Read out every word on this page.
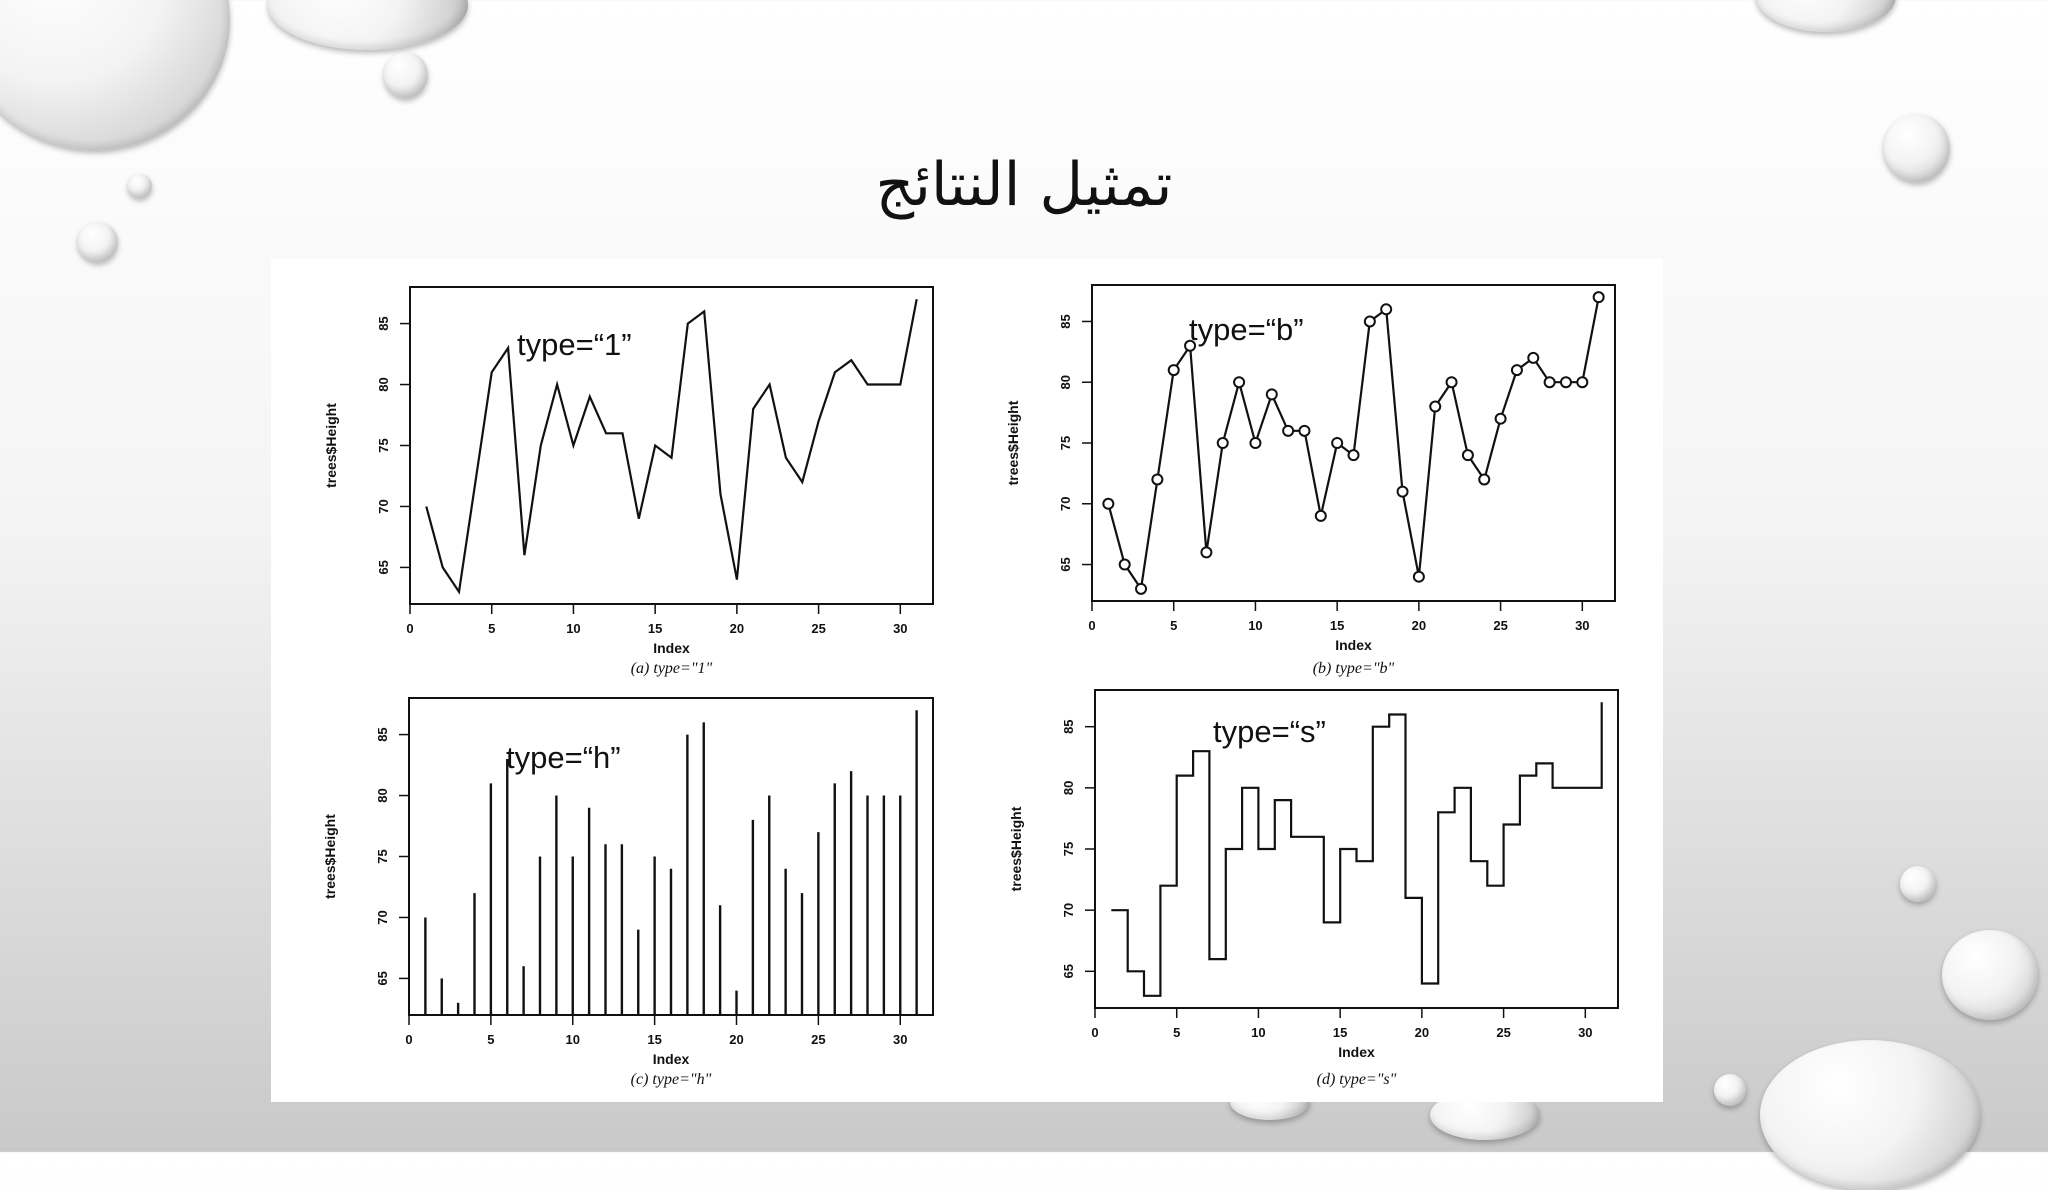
تمثيل النتائج
0	5	10	15	20	25	30
65
70
75
80
85
Index
trees$Height
(a) type="1"
type=“1”
0	5	10	15	20	25	30
65
70
75
80
85
Index
trees$Height
(b) type="b"
type=“b”
0	5	10	15	20	25	30
65
70
75
80
85
Index
trees$Height
(c) type="h"
type=“h”
0	5	10	15	20	25	30
65
70
75
80
85
Index
trees$Height
(d) type="s"
type=“s”
